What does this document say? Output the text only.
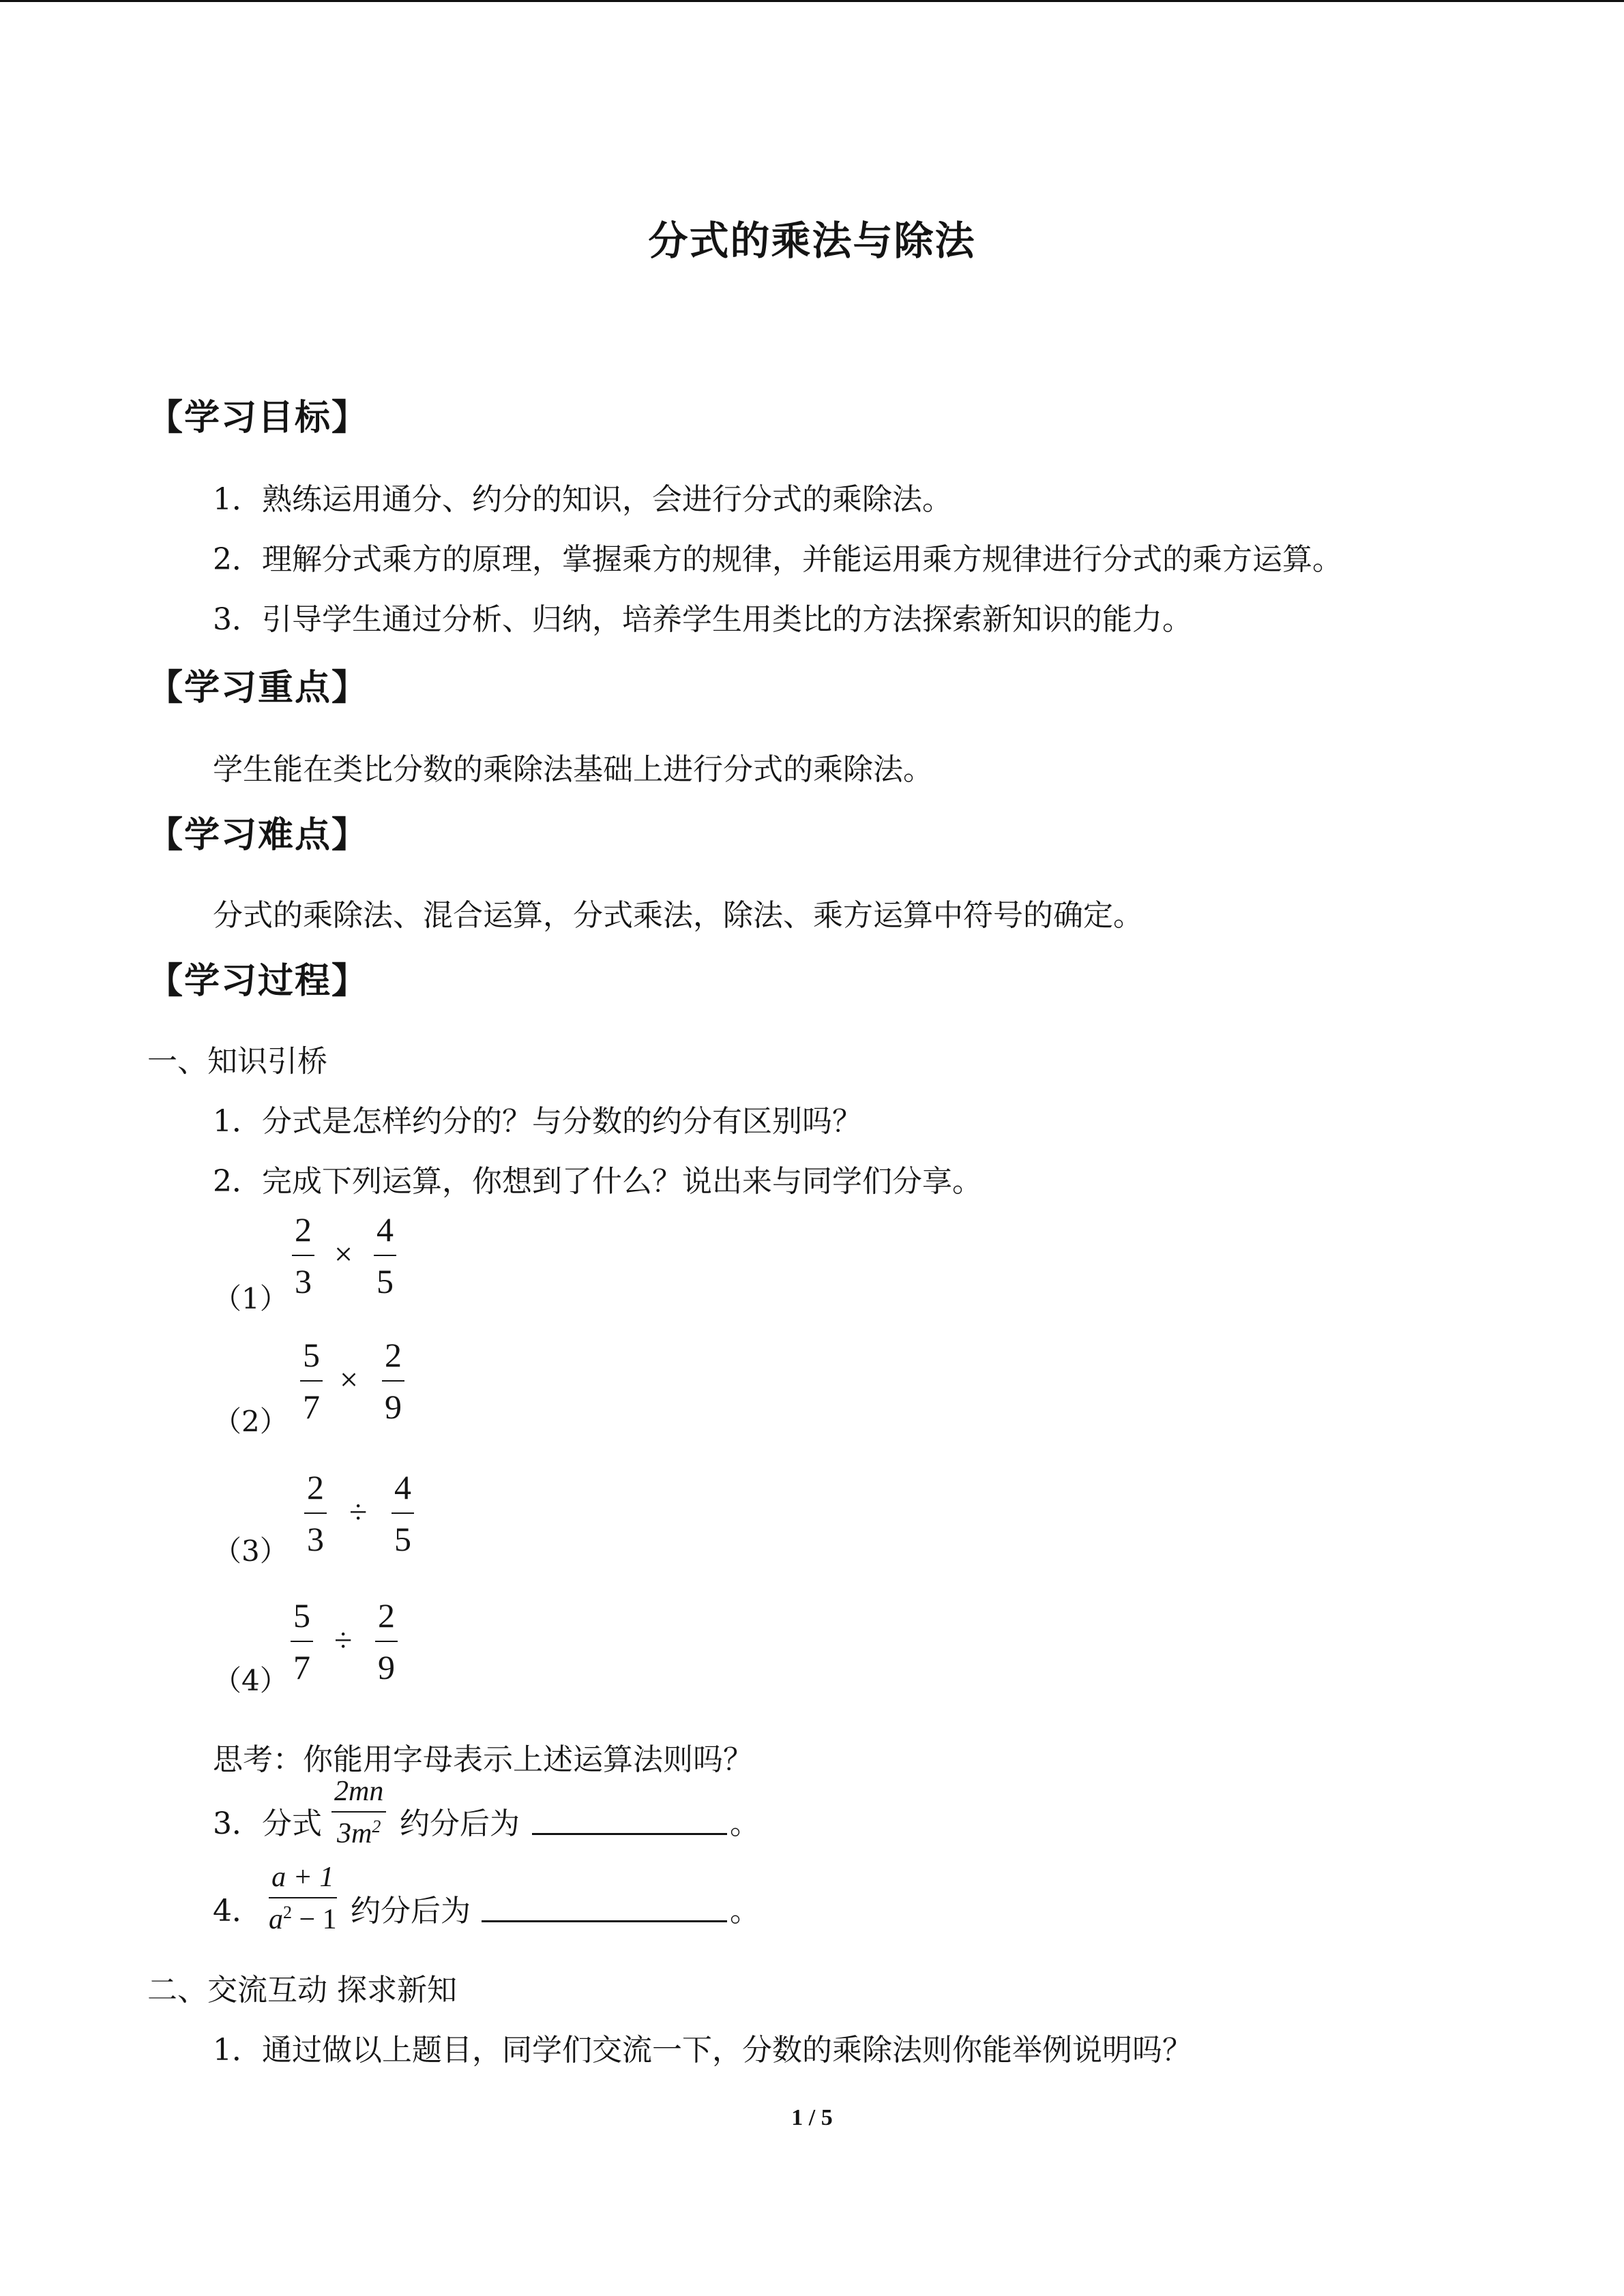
分式的乘法与除法
【学习目标】
1．熟练运用通分、约分的知识，会进行分式的乘除法。
2．理解分式乘方的原理，掌握乘方的规律，并能运用乘方规律进行分式的乘方运算。
3．引导学生通过分析、归纳，培养学生用类比的方法探索新知识的能力。
【学习重点】
学生能在类比分数的乘除法基础上进行分式的乘除法。
【学习难点】
分式的乘除法、混合运算，分式乘法，除法、乘方运算中符号的确定。
【学习过程】
一、知识引桥
1．分式是怎样约分的？与分数的约分有区别吗？
2．完成下列运算，你想到了什么？说出来与同学们分享。
（1）
$\frac{2}{3} \times \frac{4}{5}$
$(2) \frac{5}{7} \times \frac{2}{9}$
$(3) \frac{2}{3} \div \frac{4}{5}$
$(4) \frac{5}{7} \div \frac{2}{9}$
思考：你能用字母表示上述运算法则吗？
3．分式 $\frac{2mn}{3m^2}$ 约分后为	。
4． $\frac{a + 1}{a^2 - 1}$ 约分后为	。
二、交流互动 探求新知
1．通过做以上题目，同学们交流一下，分数的乘除法则你能举例说明吗？
1 / 5
